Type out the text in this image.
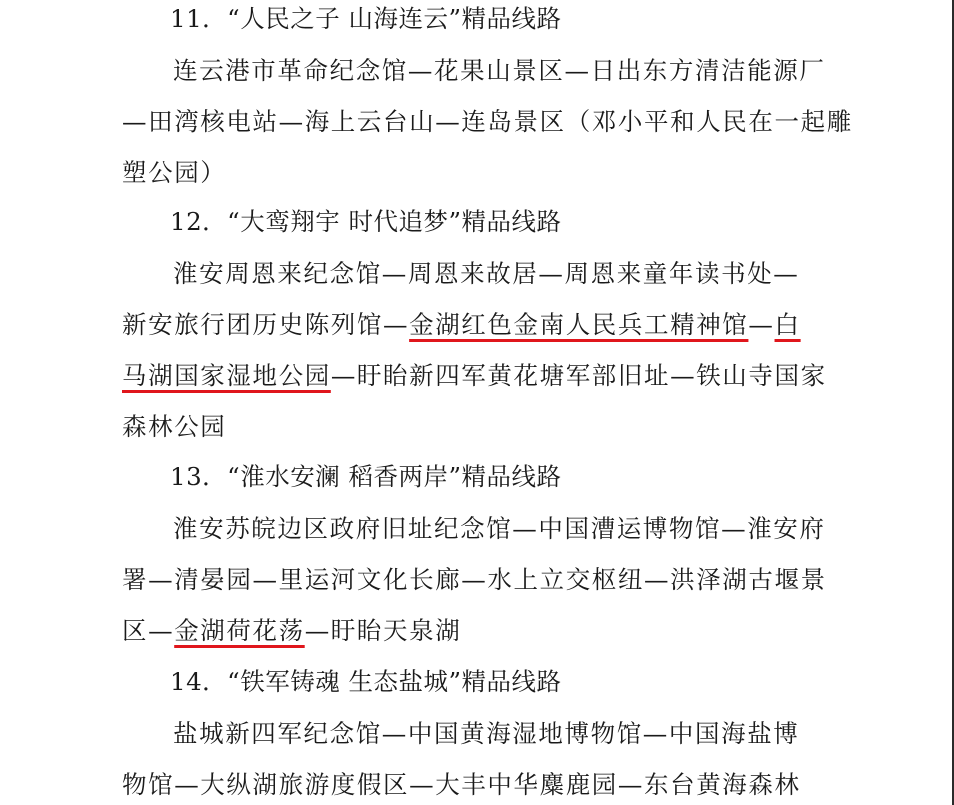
11．“人民之子 山海连云”精品线路
连云港市革命纪念馆—花果山景区—日出东方清洁能源厂
—田湾核电站—海上云台山—连岛景区（邓小平和人民在一起雕
塑公园）
12．“大鸾翔宇 时代追梦”精品线路
淮安周恩来纪念馆—周恩来故居—周恩来童年读书处—
新安旅行团历史陈列馆—金湖红色金南人民兵工精神馆—白
马湖国家湿地公园—盱眙新四军黄花塘军部旧址—铁山寺国家
森林公园
13．“淮水安澜 稻香两岸”精品线路
淮安苏皖边区政府旧址纪念馆—中国漕运博物馆—淮安府
署—清晏园—里运河文化长廊—水上立交枢纽—洪泽湖古堰景
区—金湖荷花荡—盱眙天泉湖
14．“铁军铸魂 生态盐城”精品线路
盐城新四军纪念馆—中国黄海湿地博物馆—中国海盐博
物馆—大纵湖旅游度假区—大丰中华麋鹿园—东台黄海森林
